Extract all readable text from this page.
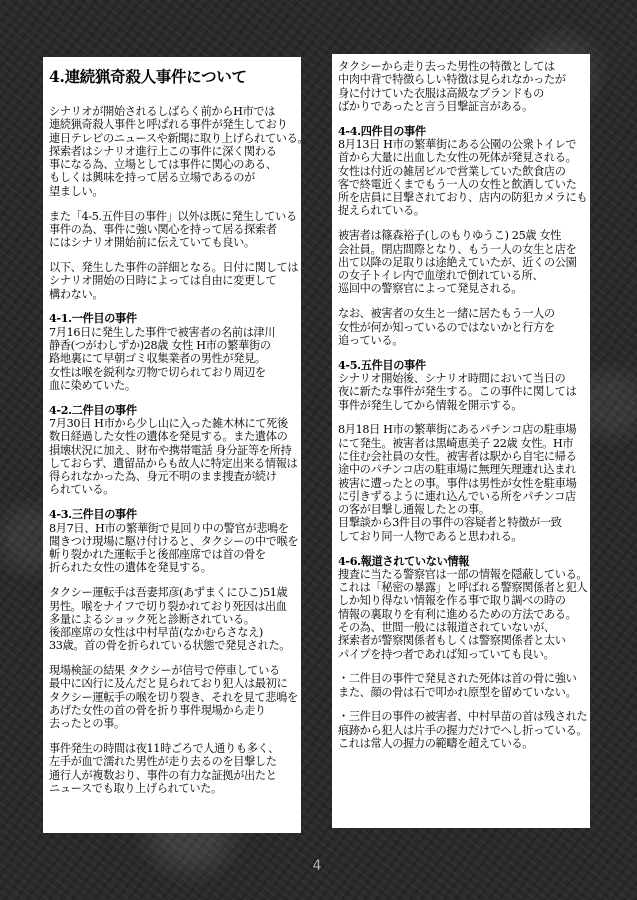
4.連続猟奇殺人事件について
シナリオが開始されるしばらく前からH市では
連続猟奇殺人事件と呼ばれる事件が発生しており
連日テレビのニュースや新聞に取り上げられている。
探索者はシナリオ進行上この事件に深く関わる
事になる為、立場としては事件に関心のある、
もしくは興味を持って居る立場であるのが
望ましい。
また「4-5.五件目の事件」以外は既に発生している
事件の為、事件に強い関心を持って居る探索者
にはシナリオ開始前に伝えていても良い。
以下、発生した事件の詳細となる。日付に関しては
シナリオ開始の日時によっては自由に変更して
構わない。
4-1.一件目の事件
7月16日に発生した事件で被害者の名前は津川
静香(つがわしずか)28歳 女性 H市の繁華街の
路地裏にて早朝ゴミ収集業者の男性が発見。
女性は喉を鋭利な刃物で切られており周辺を
血に染めていた。
4-2.二件目の事件
7月30日 H市から少し山に入った雑木林にて死後
数日経過した女性の遺体を発見する。また遺体の
損壊状況に加え、財布や携帯電話 身分証等を所持
しておらず、遺留品からも故人に特定出来る情報は
得られなかった為、身元不明のまま捜査が続け
られている。
4-3.三件目の事件
8月7日、H市の繁華街で見回り中の警官が悲鳴を
聞きつけ現場に駆け付けると、タクシーの中で喉を
斬り裂かれた運転手と後部座席では首の骨を
折られた女性の遺体を発見する。
タクシー運転手は吾妻邦彦(あずまくにひこ)51歳
男性。喉をナイフで切り裂かれており死因は出血
多量によるショック死と診断されている。
後部座席の女性は中村早苗(なかむらさなえ)
33歳。首の骨を折られている状態で発見された。
現場検証の結果 タクシーが信号で停車している
最中に凶行に及んだと見られており犯人は最初に
タクシー運転手の喉を切り裂き、それを見て悲鳴を
あげた女性の首の骨を折り事件現場から走り
去ったとの事。
事件発生の時間は夜11時ごろで人通りも多く、
左手が血で濡れた男性が走り去るのを目撃した
通行人が複数おり、事件の有力な証拠が出たと
ニュースでも取り上げられていた。
タクシーから走り去った男性の特徴としては
中肉中背で特徴らしい特徴は見られなかったが
身に付けていた衣服は高級なブランドもの
ばかりであったと言う目撃証言がある。
4-4.四件目の事件
8月13日 H市の繁華街にある公園の公衆トイレで
首から大量に出血した女性の死体が発見される。
女性は付近の雑居ビルで営業していた飲食店の
客で終電近くまでもう一人の女性と飲酒していた
所を店員に目撃されており、店内の防犯カメラにも
捉えられている。
被害者は篠森裕子(しのもりゆうこ) 25歳 女性
会社員。閉店間際となり、もう一人の女生と店を
出て以降の足取りは途絶えていたが、近くの公園
の女子トイレ内で血塗れで倒れている所、
巡回中の警察官によって発見される。
なお、被害者の女生と一緒に居たもう一人の
女性が何か知っているのではないかと行方を
追っている。
4-5.五件目の事件
シナリオ開始後、シナリオ時間において当日の
夜に新たな事件が発生する。この事件に関しては
事件が発生してから情報を開示する。
8月18日 H市の繁華街にあるパチンコ店の駐車場
にて発生。被害者は黒崎恵美子 22歳 女性。H市
に住む会社員の女性。被害者は駅から自宅に帰る
途中のパチンコ店の駐車場に無理矢理連れ込まれ
被害に遭ったとの事。事件は男性が女性を駐車場
に引きずるように連れ込んでいる所をパチンコ店
の客が目撃し通報したとの事。
目撃談から3件目の事件の容疑者と特徴が一致
しており同一人物であると思われる。
4-6.報道されていない情報
捜査に当たる警察官は一部の情報を隠蔽している。
これは「秘密の暴露」と呼ばれる警察関係者と犯人
しか知り得ない情報を作る事で取り調べの時の
情報の裏取りを有利に進めるための方法である。
その為、世間一般には報道されていないが、
探索者が警察関係者もしくは警察関係者と太い
パイプを持つ者であれば知っていても良い。
・二件目の事件で発見された死体は首の骨に強い
また、顔の骨は石で叩かれ原型を留めていない。
・三件目の事件の被害者、中村早苗の首は残された
痕跡から犯人は片手の握力だけでへし折っている。
これは常人の握力の範疇を超えている。
4
